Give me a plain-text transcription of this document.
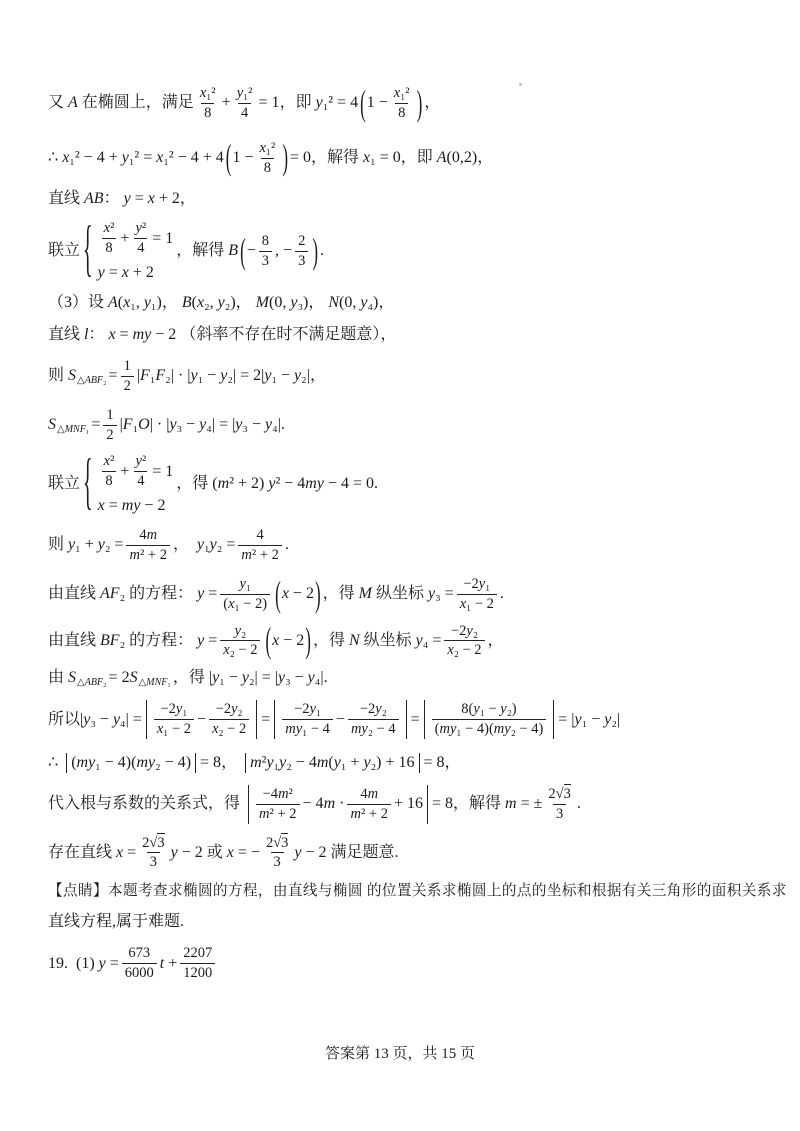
又 A 在椭圆上，满足 $\frac{\text{x₁²}}{8} + \frac{\text{y₁²}}{4} = 1$ ，即 y₁² = 4 ( $1 - \frac{\text{x₁²}}{8}$ ) ，
∴ x₁² − 4 + y₁² = x₁² − 4 + 4 ( $1 - \frac{\text{x₁²}}{8}$ ) = 0 ，解得 x₁ = 0 ，即 A(0,2) ，
直线 AB ： y = x + 2 ，
联立 { $\frac{\text{x²}}{8} + \frac{\text{y²}}{4} = 1$
y = x + 2
，解得 B ( − $\frac{8}{3}$ , − $\frac{2}{3}$ ) .
（3）设 A(x₁, y₁) ， B(x₂, y₂) ， M(0, y₃) ， N(0, y₄) ，
直线 l ： x = my − 2 （斜率不存在时不满足题意），
则 S △ABF₂ = $\frac{1}{2} |F_1F_2| \cdot |y_1 - y_2| = 2|y_1 - y_2|$ ，
S △MNF₁ = $\frac{1}{2} |F_1O| \cdot |y_3 - y_4| = |y_3 - y_4|$.
联立 { $\frac{\text{x²}}{8} + \frac{\text{y²}}{4} = 1$
x = my − 2
，得 (m² + 2) y² − 4my − 4 = 0.
则 $y_1 + y_2 = \frac{4m}{\text{m² + 2}}$ ， $y_1y_2 = \frac{4}{\text{m² + 2}}$ .
由直线 AF₂ 的方程： $y = \frac{\text{y₁}}{\text{(x₁ − 2)}}$ ( x − 2 ) ，得 M 纵坐标 $y_3 = \frac{\text{−2y₁}}{\text{x₁ − 2}}$ .
由直线 BF₂ 的方程： $y = \frac{\text{y₂}}{\text{x₂ − 2}}$ ( x − 2 ) ，得 N 纵坐标 $y_4 = \frac{\text{−2y₂}}{\text{x₂ − 2}}$ ，
由 S △ABF₂ = 2S △MNF₁ ，得 |y₁ − y₂| = |y₃ − y₄|.
所以 $|y_3 - y_4| = \frac{\text{−2y₁}}{\text{x₁ − 2}} - \frac{\text{−2y₂}}{\text{x₂ − 2}} = \frac{\text{−2y₁}}{\text{my₁ − 4}} - \frac{\text{−2y₂}}{\text{my₂ − 4}} = \frac{\text{8(y₁ − y₂)}}{\text{(my₁ − 4)(my₂ − 4)}} = |y_1 - y_2|$
∴ (my₁ − 4)(my₂ − 4) = 8 ， m²y₁y₂ − 4m(y₁ + y₂) + 16 = 8 ，
代入根与系数的关系式，得 $\frac{\text{−4m²}}{\text{m² + 2}} - 4m \cdot \frac{4m}{\text{m² + 2}} + 16 = 8$ ，解得 m = ± $\frac{2√3}{3}$ .
存在直线 $x = \frac{2√3}{3}$ y − 2 或 x = − $\frac{2√3}{3}$ y − 2 满足题意.
【点睛】本题考查求椭圆的方程，由直线与椭圆 的位置关系求椭圆上的点的坐标和根据有关三角形的面积关系求
直线方程,属于难题.
19.  (1) $y = \frac{673}{6000}$ $t + \frac{2207}{1200}$
答案第 13 页，共 15 页
